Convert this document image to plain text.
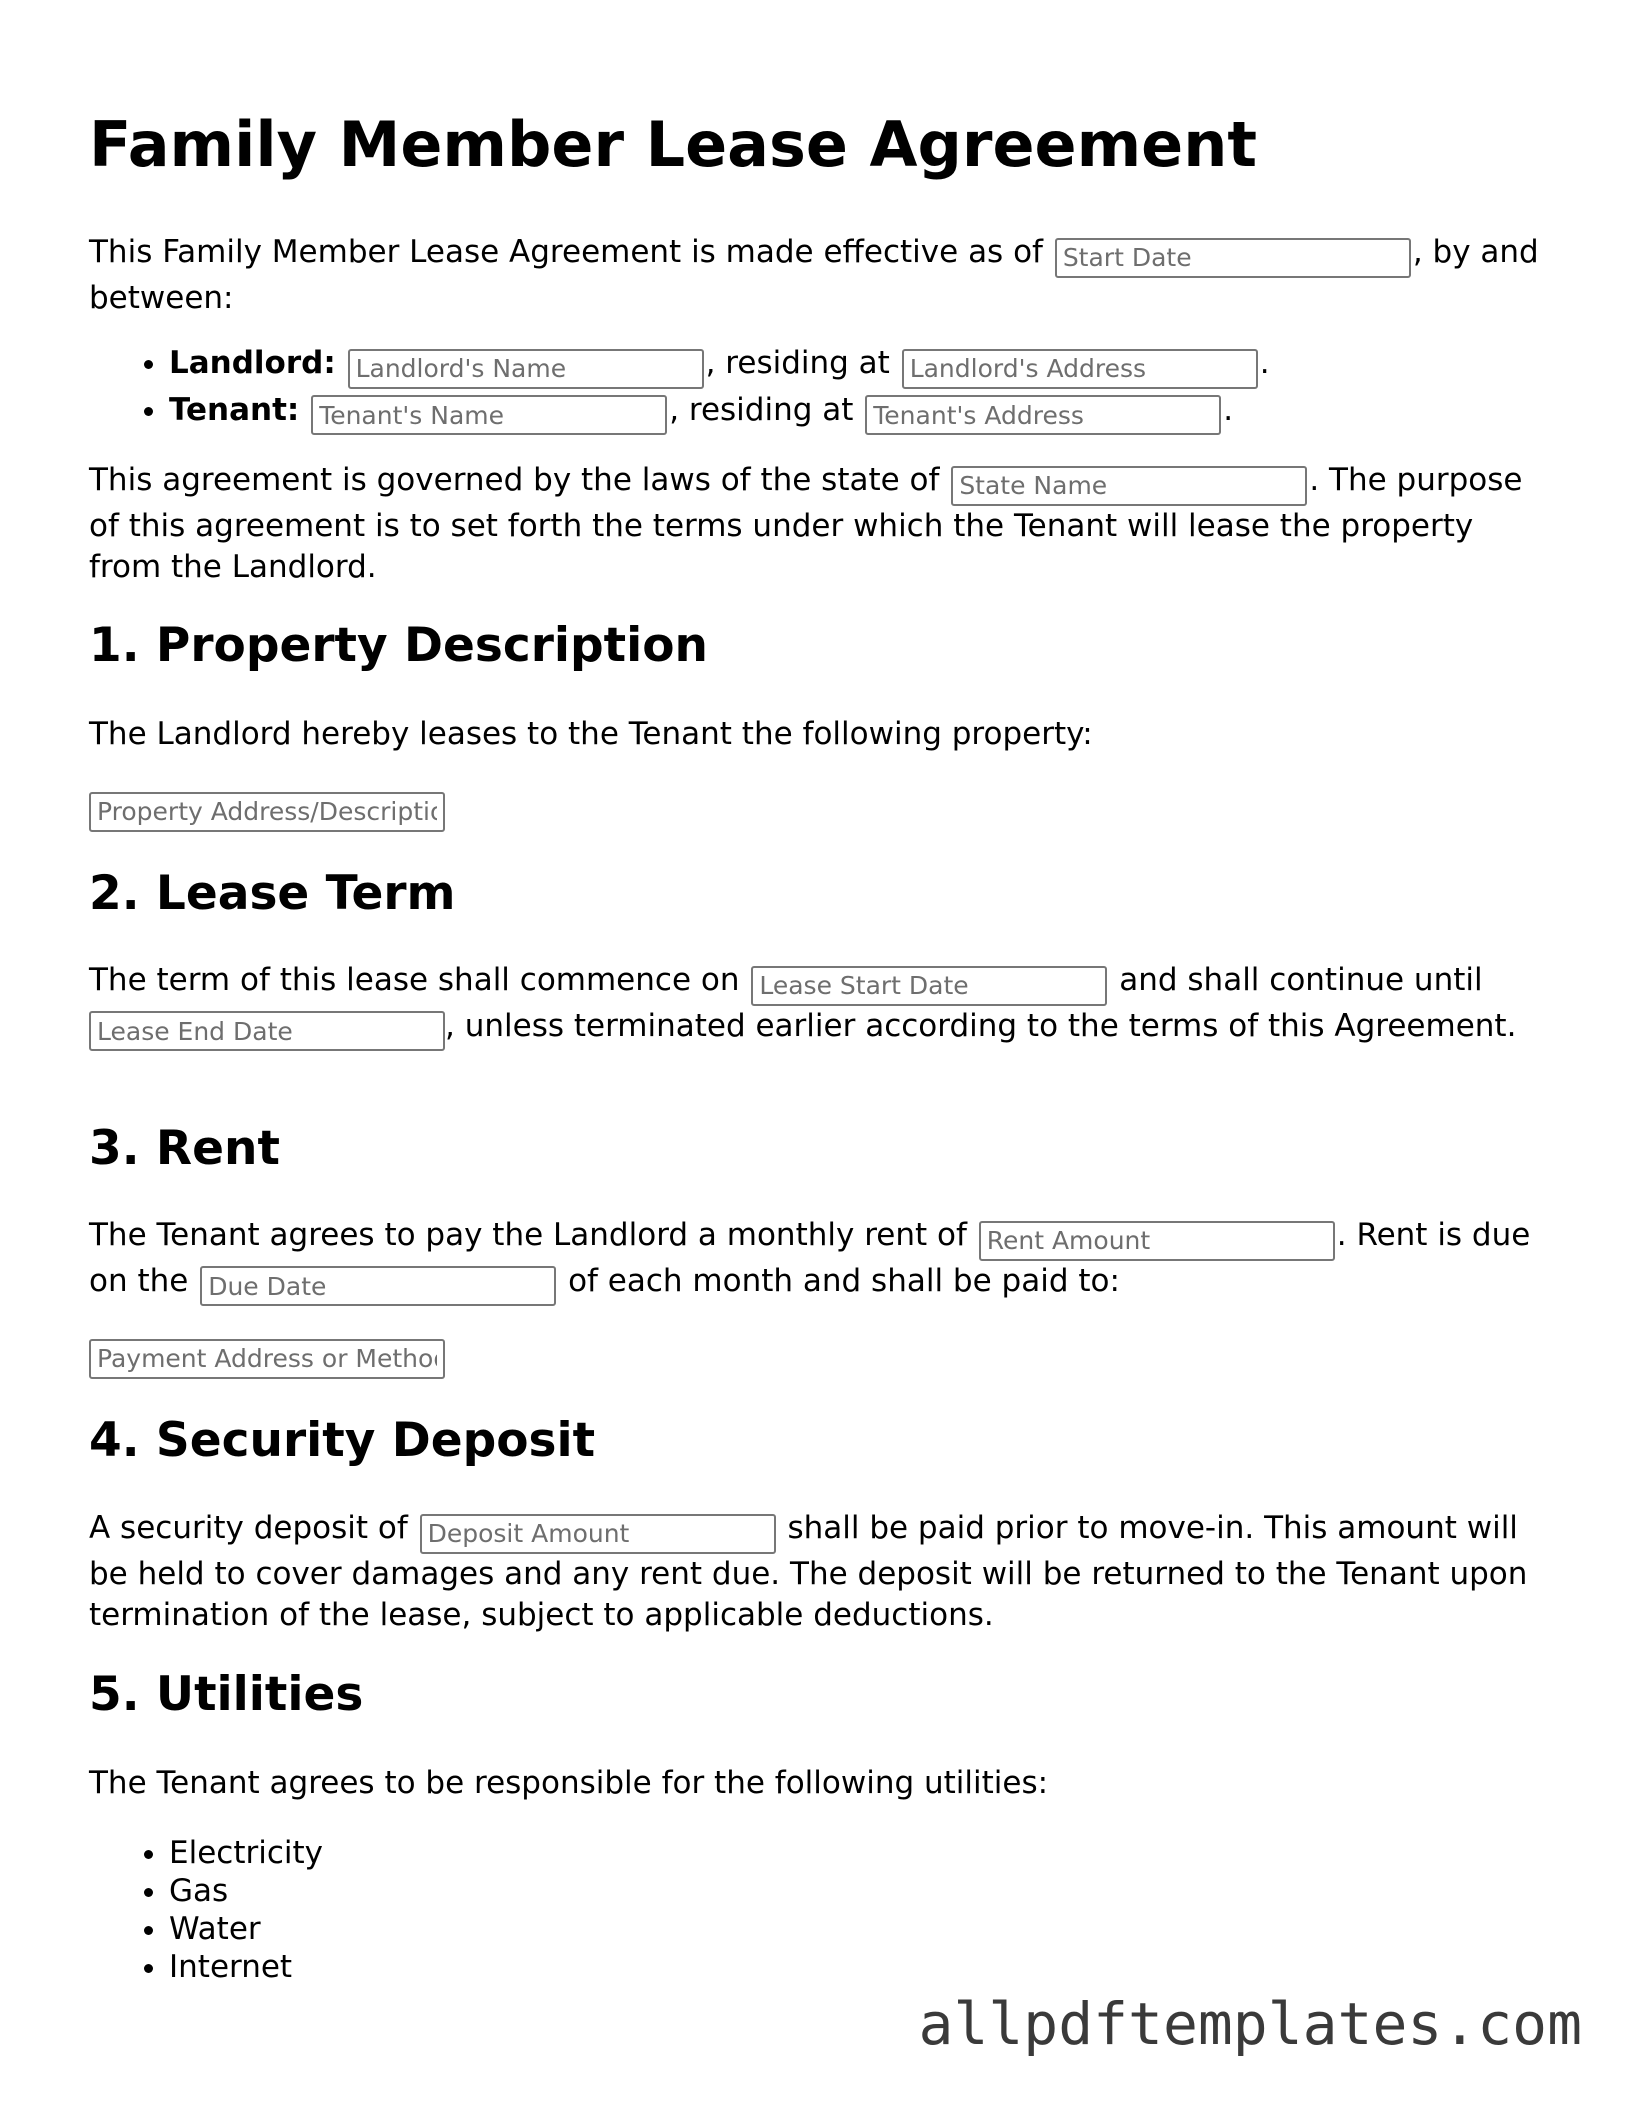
Family Member Lease Agreement

This Family Member Lease Agreement is made effective as of Start Date	, by and between:

• Landlord: Landlord's Name	, residing at Landlord's Address	.
• Tenant: Tenant's Name	, residing at Tenant's Address	.

This agreement is governed by the laws of the state of State Name	. The purpose of this agreement is to set forth the terms under which the Tenant will lease the property from the Landlord.

1. Property Description

The Landlord hereby leases to the Tenant the following property:

Property Address/Description

2. Lease Term

The term of this lease shall commence on Lease Start Date	and shall continue until Lease End Date, unless terminated earlier according to the terms of this Agreement.

3. Rent

The Tenant agrees to pay the Landlord a monthly rent of Rent Amount	. Rent is due on the Due Date	of each month and shall be paid to:

Payment Address or Method

4. Security Deposit

A security deposit of Deposit Amount	shall be paid prior to move-in. This amount will be held to cover damages and any rent due. The deposit will be returned to the Tenant upon termination of the lease, subject to applicable deductions.

5. Utilities

The Tenant agrees to be responsible for the following utilities:

• Electricity
• Gas
• Water
• Internet
allpdftemplates.com
